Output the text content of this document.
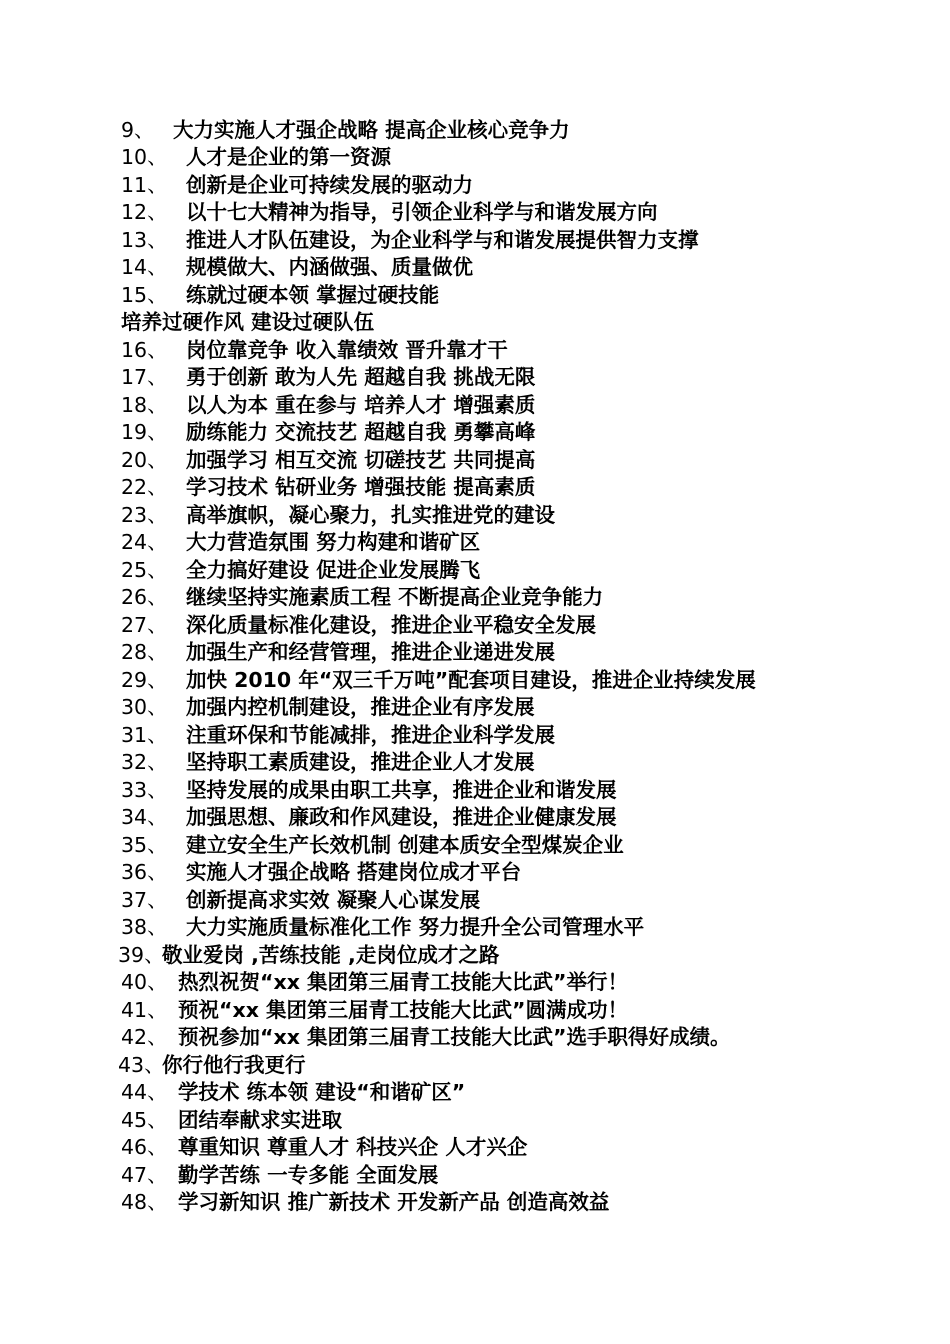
9、 大力实施人才强企战略 提高企业核心竞争力
10、 人才是企业的第一资源
11、 创新是企业可持续发展的驱动力
12、 以十七大精神为指导，引领企业科学与和谐发展方向
13、 推进人才队伍建设，为企业科学与和谐发展提供智力支撑
14、 规模做大、内涵做强、质量做优
15、 练就过硬本领 掌握过硬技能
培养过硬作风 建设过硬队伍
16、 岗位靠竞争 收入靠绩效 晋升靠才干
17、 勇于创新 敢为人先 超越自我 挑战无限
18、 以人为本 重在参与 培养人才 增强素质
19、 励练能力 交流技艺 超越自我 勇攀高峰
20、 加强学习 相互交流 切磋技艺 共同提高
22、 学习技术 钻研业务 增强技能 提高素质
23、 高举旗帜，凝心聚力，扎实推进党的建设
24、 大力营造氛围 努力构建和谐矿区
25、 全力搞好建设 促进企业发展腾飞
26、 继续坚持实施素质工程 不断提高企业竞争能力
27、 深化质量标准化建设，推进企业平稳安全发展
28、 加强生产和经营管理，推进企业递进发展
29、 加快 2010 年“双三千万吨”配套项目建设，推进企业持续发展
30、 加强内控机制建设，推进企业有序发展
31、 注重环保和节能减排，推进企业科学发展
32、 坚持职工素质建设，推进企业人才发展
33、 坚持发展的成果由职工共享，推进企业和谐发展
34、 加强思想、廉政和作风建设，推进企业健康发展
35、 建立安全生产长效机制 创建本质安全型煤炭企业
36、 实施人才强企战略 搭建岗位成才平台
37、 创新提高求实效 凝聚人心谋发展
38、 大力实施质量标准化工作 努力提升全公司管理水平
39、
敬业爱岗 ,苦练技能 ,走岗位成才之路
40、 热烈祝贺“xx 集团第三届青工技能大比武”举行！
41、 预祝“xx 集团第三届青工技能大比武”圆满成功！
42、 预祝参加“xx 集团第三届青工技能大比武”选手职得好成绩。
43、
你行他行我更行
44、 学技术 练本领 建设“和谐矿区”
45、 团结奉献求实进取
46、 尊重知识 尊重人才 科技兴企 人才兴企
47、 勤学苦练 一专多能 全面发展
48、 学习新知识 推广新技术 开发新产品 创造高效益
